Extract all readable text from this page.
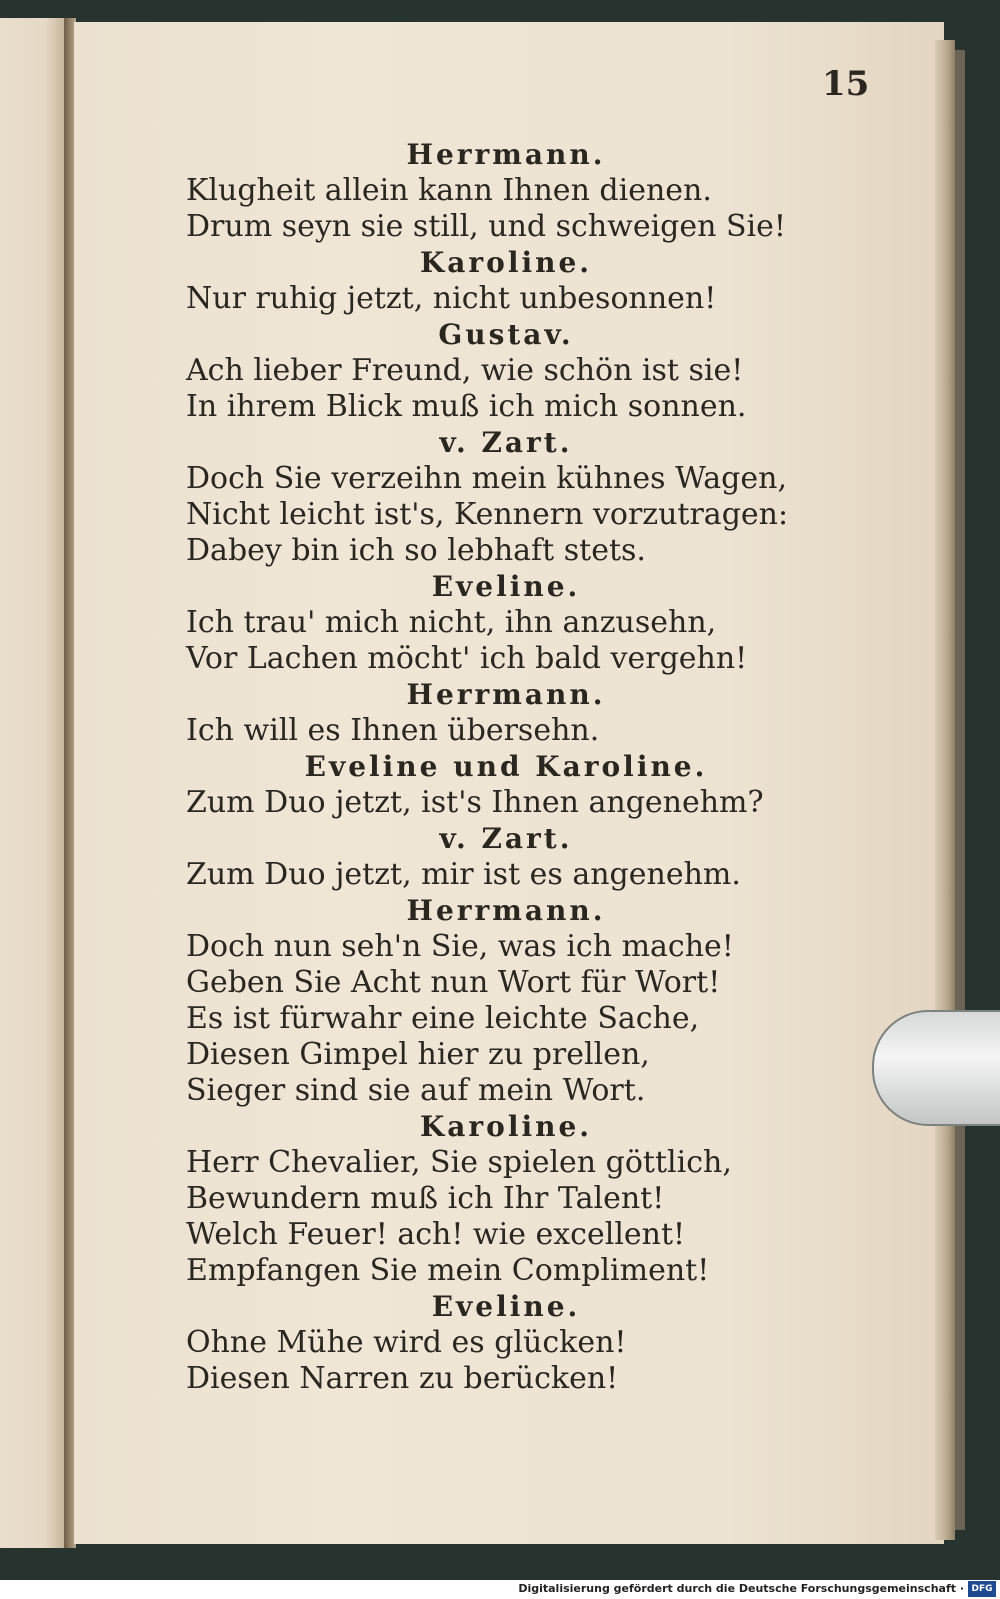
15

Herrmann.

Klugheit allein kann Ihnen dienen.

Drum seyn sie still, und schweigen Sie!

Karoline.

Nur ruhig jetzt, nicht unbesonnen!

Gustav.

Ach lieber Freund, wie schön ist sie!

In ihrem Blick muß ich mich sonnen.

v. Zart.

Doch Sie verzeihn mein kühnes Wagen,

Nicht leicht ist's, Kennern vorzutragen:

Dabey bin ich so lebhaft stets.

Eveline.

Ich trau' mich nicht, ihn anzusehn,

Vor Lachen möcht' ich bald vergehn!

Herrmann.

Ich will es Ihnen übersehn.

Eveline und Karoline.

Zum Duo jetzt, ist's Ihnen angenehm?

v. Zart.

Zum Duo jetzt, mir ist es angenehm.

Herrmann.

Doch nun seh'n Sie, was ich mache!

Geben Sie Acht nun Wort für Wort!

Es ist fürwahr eine leichte Sache,

Diesen Gimpel hier zu prellen,

Sieger sind sie auf mein Wort.

Karoline.

Herr Chevalier, Sie spielen göttlich,

Bewundern muß ich Ihr Talent!

Welch Feuer! ach! wie excellent!

Empfangen Sie mein Compliment!

Eveline.

Ohne Mühe wird es glücken!

Diesen Narren zu berücken!

Digitalisierung gefördert durch die Deutsche Forschungsgemeinschaft · DFG
